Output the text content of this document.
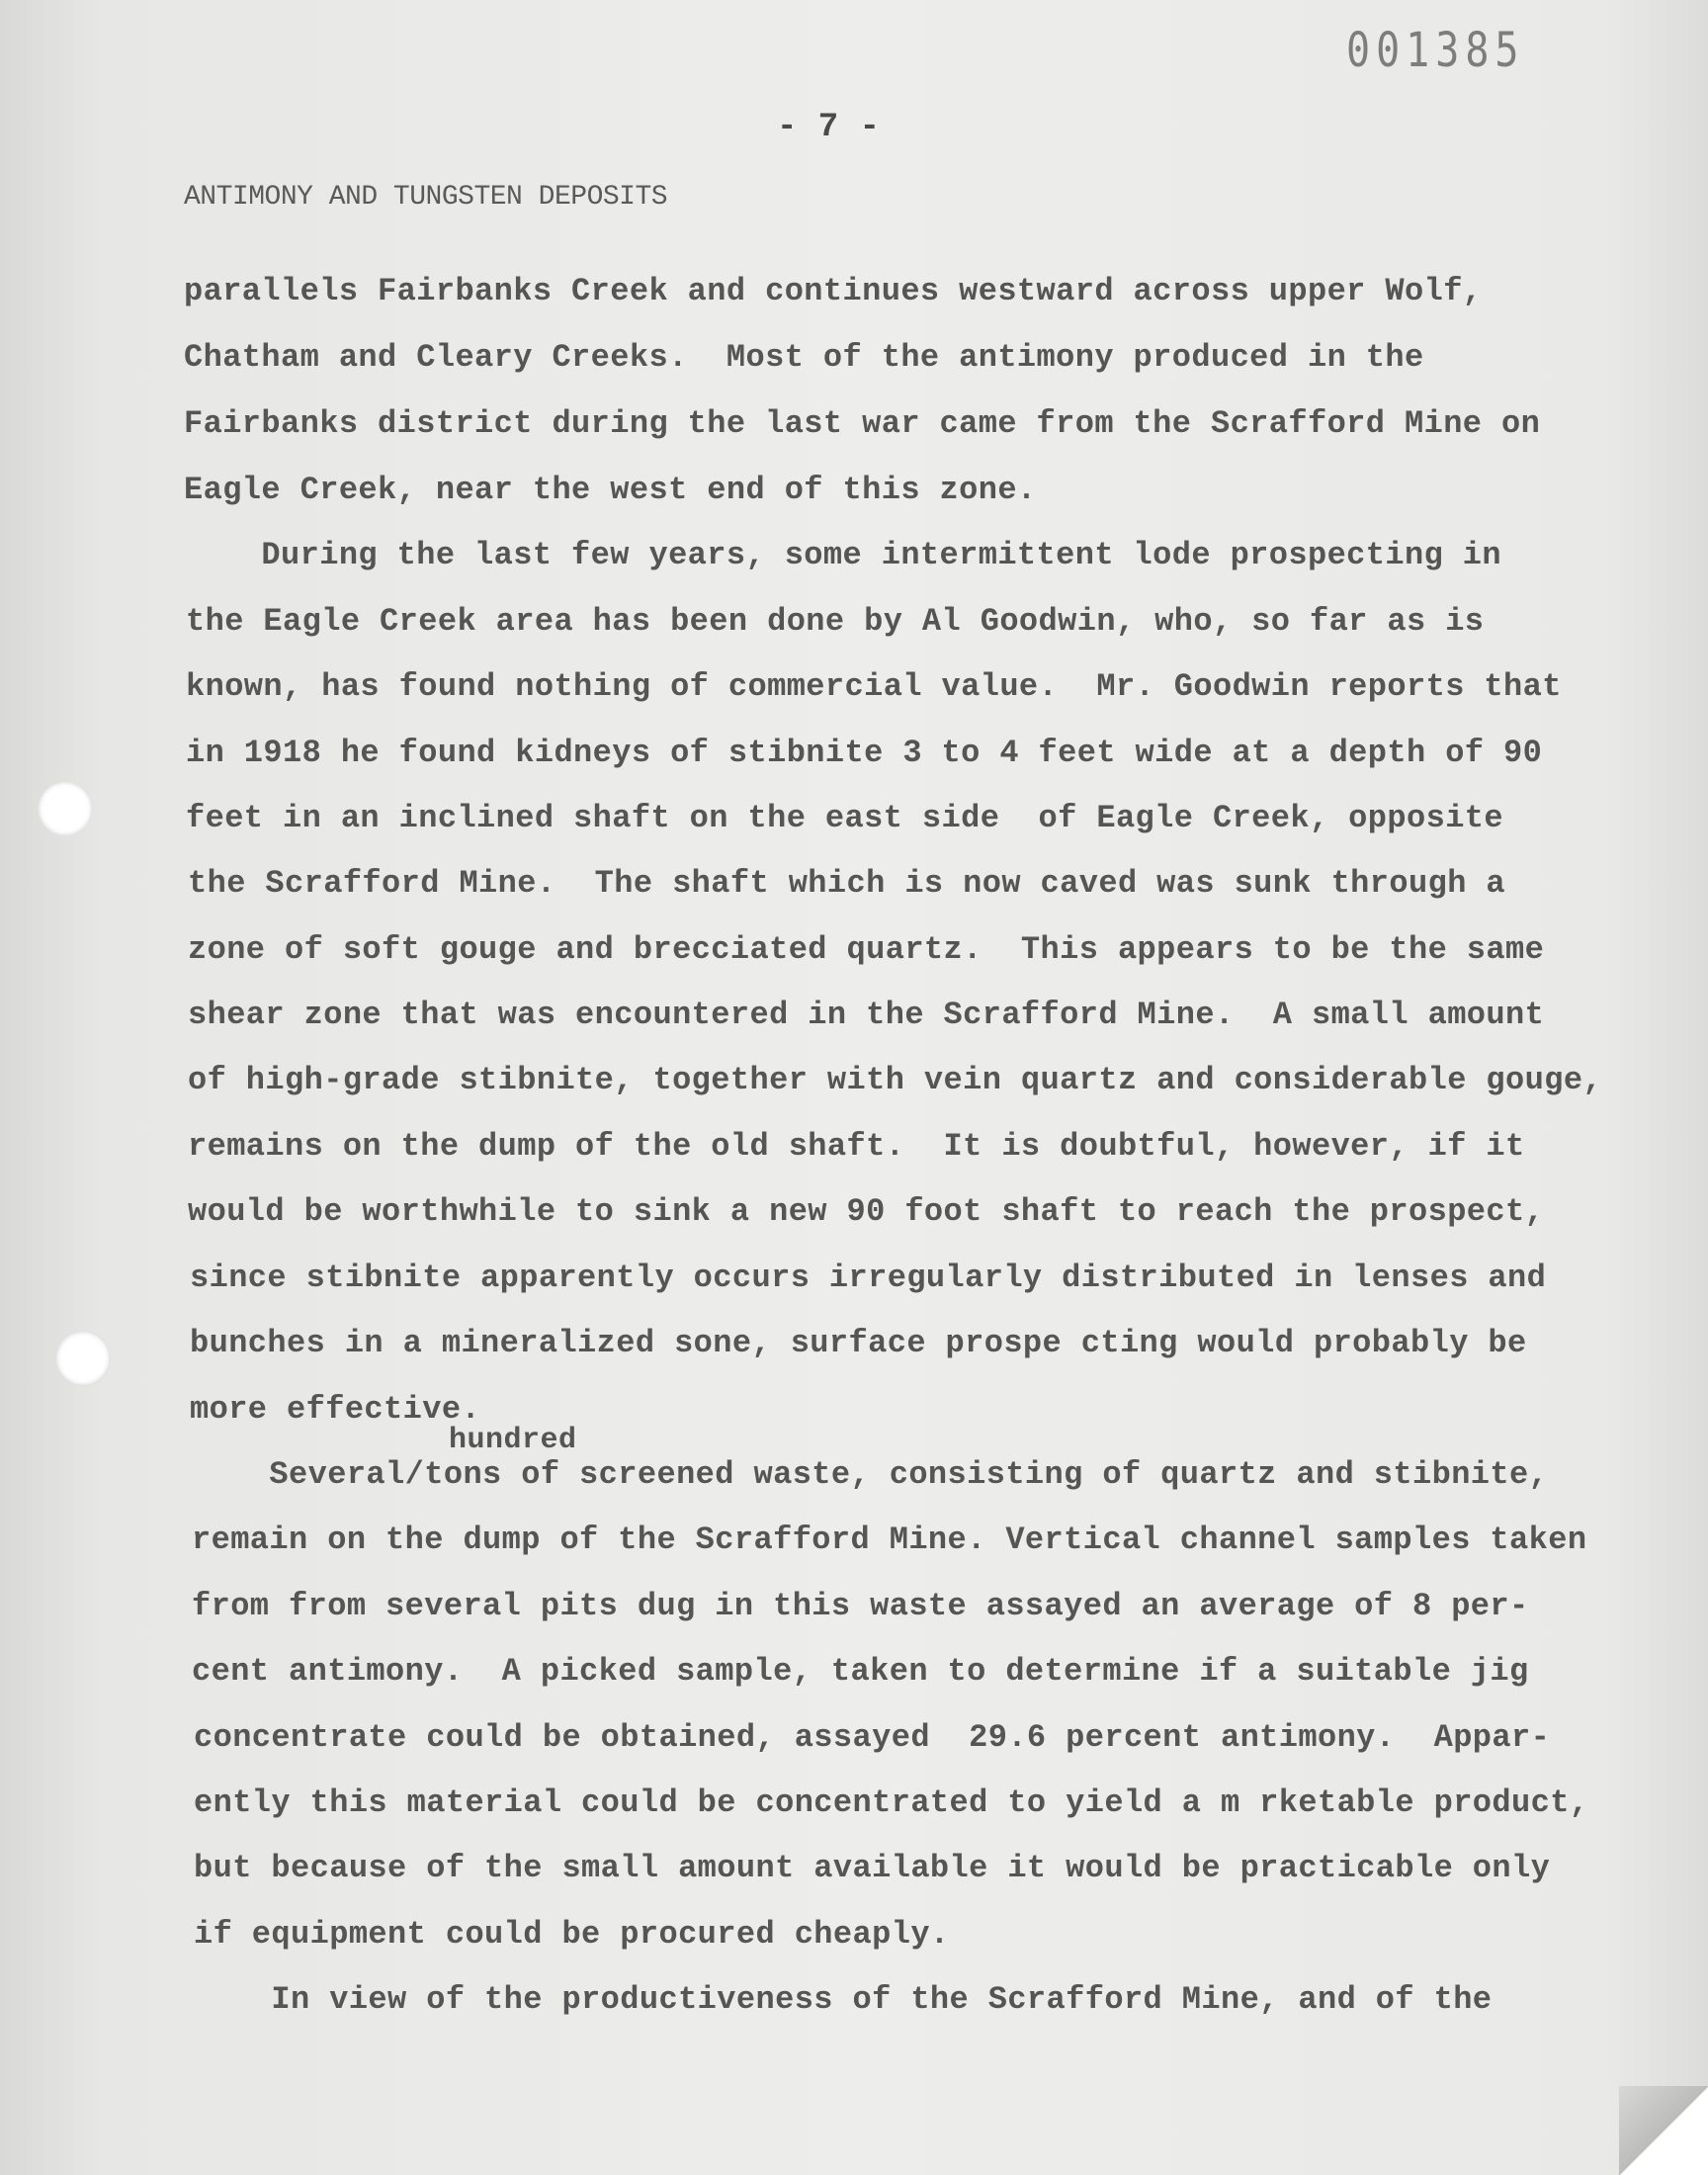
001385
- 7 -
ANTIMONY AND TUNGSTEN DEPOSITS
parallels Fairbanks Creek and continues westward across upper Wolf,
Chatham and Cleary Creeks.  Most of the antimony produced in the
Fairbanks district during the last war came from the Scrafford Mine on
Eagle Creek, near the west end of this zone.
During the last few years, some intermittent lode prospecting in
the Eagle Creek area has been done by Al Goodwin, who, so far as is
known, has found nothing of commercial value.  Mr. Goodwin reports that
in 1918 he found kidneys of stibnite 3 to 4 feet wide at a depth of 90
feet in an inclined shaft on the east side  of Eagle Creek, opposite
the Scrafford Mine.  The shaft which is now caved was sunk through a
zone of soft gouge and brecciated quartz.  This appears to be the same
shear zone that was encountered in the Scrafford Mine.  A small amount
of high-grade stibnite, together with vein quartz and considerable gouge,
remains on the dump of the old shaft.  It is doubtful, however, if it
would be worthwhile to sink a new 90 foot shaft to reach the prospect,
since stibnite apparently occurs irregularly distributed in lenses and
bunches in a mineralized sone, surface prospe cting would probably be
more effective.
hundred
Several/tons of screened waste, consisting of quartz and stibnite,
remain on the dump of the Scrafford Mine. Vertical channel samples taken
from from several pits dug in this waste assayed an average of 8 per-
cent antimony.  A picked sample, taken to determine if a suitable jig
concentrate could be obtained, assayed  29.6 percent antimony.  Appar-
ently this material could be concentrated to yield a m rketable product,
but because of the small amount available it would be practicable only
if equipment could be procured cheaply.
In view of the productiveness of the Scrafford Mine, and of the
